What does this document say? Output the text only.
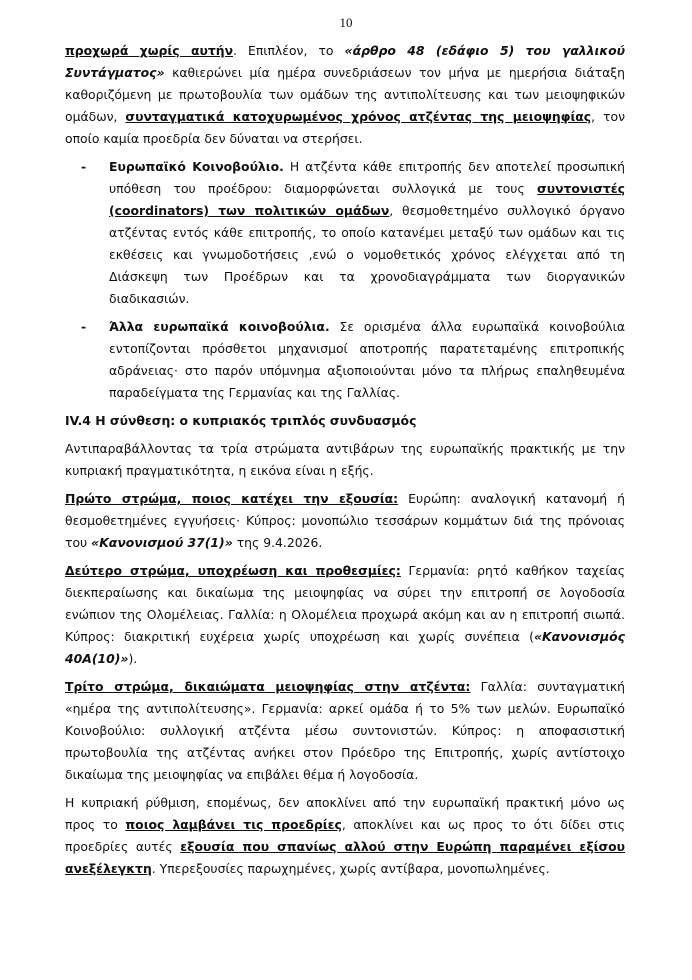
10

προχωρά χωρίς αυτήν. Επιπλέον, το «άρθρο 48 (εδάφιο 5) του γαλλικού Συντάγματος» καθιερώνει μία ημέρα συνεδριάσεων τον μήνα με ημερήσια διάταξη καθοριζόμενη με πρωτοβουλία των ομάδων της αντιπολίτευσης και των μειοψηφικών ομάδων, συνταγματικά κατοχυρωμένος χρόνος ατζέντας της μειοψηφίας, τον οποίο καμία προεδρία δεν δύναται να στερήσει.

- Ευρωπαϊκό Κοινοβούλιο. Η ατζέντα κάθε επιτροπής δεν αποτελεί προσωπική υπόθεση του προέδρου: διαμορφώνεται συλλογικά με τους συντονιστές (coordinators) των πολιτικών ομάδων, θεσμοθετημένο συλλογικό όργανο ατζέντας εντός κάθε επιτροπής, το οποίο κατανέμει μεταξύ των ομάδων και τις εκθέσεις και γνωμοδοτήσεις ,ενώ ο νομοθετικός χρόνος ελέγχεται από τη Διάσκεψη των Προέδρων και τα χρονοδιαγράμματα των διοργανικών διαδικασιών.

- Άλλα ευρωπαϊκά κοινοβούλια. Σε ορισμένα άλλα ευρωπαϊκά κοινοβούλια εντοπίζονται πρόσθετοι μηχανισμοί αποτροπής παρατεταμένης επιτροπικής αδράνειας· στο παρόν υπόμνημα αξιοποιούνται μόνο τα πλήρως επαληθευμένα παραδείγματα της Γερμανίας και της Γαλλίας.

IV.4 Η σύνθεση: ο κυπριακός τριπλός συνδυασμός

Αντιπαραβάλλοντας τα τρία στρώματα αντιβάρων της ευρωπαϊκής πρακτικής με την κυπριακή πραγματικότητα, η εικόνα είναι η εξής.

Πρώτο στρώμα, ποιος κατέχει την εξουσία: Ευρώπη: αναλογική κατανομή ή θεσμοθετημένες εγγυήσεις· Κύπρος: μονοπώλιο τεσσάρων κομμάτων διά της πρόνοιας του «Κανονισμού 37(1)» της 9.4.2026.

Δεύτερο στρώμα, υποχρέωση και προθεσμίες: Γερμανία: ρητό καθήκον ταχείας διεκπεραίωσης και δικαίωμα της μειοψηφίας να σύρει την επιτροπή σε λογοδοσία ενώπιον της Ολομέλειας. Γαλλία: η Ολομέλεια προχωρά ακόμη και αν η επιτροπή σιωπά. Κύπρος: διακριτική ευχέρεια χωρίς υποχρέωση και χωρίς συνέπεια («Κανονισμός 40Α(10)»).

Τρίτο στρώμα, δικαιώματα μειοψηφίας στην ατζέντα: Γαλλία: συνταγματική «ημέρα της αντιπολίτευσης». Γερμανία: αρκεί ομάδα ή το 5% των μελών. Ευρωπαϊκό Κοινοβούλιο: συλλογική ατζέντα μέσω συντονιστών. Κύπρος: η αποφασιστική πρωτοβουλία της ατζέντας ανήκει στον Πρόεδρο της Επιτροπής, χωρίς αντίστοιχο δικαίωμα της μειοψηφίας να επιβάλει θέμα ή λογοδοσία.

Η κυπριακή ρύθμιση, επομένως, δεν αποκλίνει από την ευρωπαϊκή πρακτική μόνο ως προς το ποιος λαμβάνει τις προεδρίες, αποκλίνει και ως προς το ότι δίδει στις προεδρίες αυτές εξουσία που σπανίως αλλού στην Ευρώπη παραμένει εξίσου ανεξέλεγκτη. Υπερεξουσίες παρωχημένες, χωρίς αντίβαρα, μονοπωλημένες.
